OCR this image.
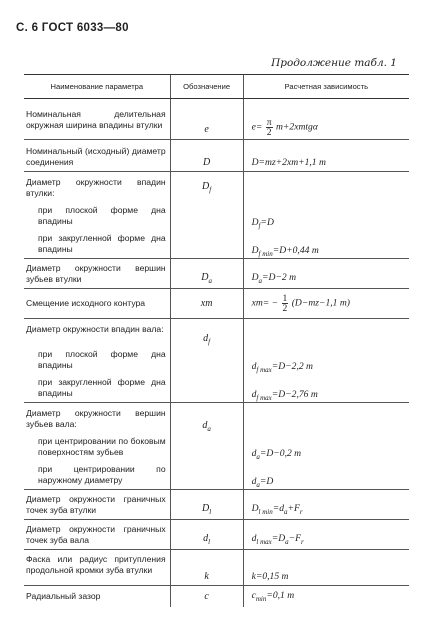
С. 6 ГОСТ 6033—80
Продолжение табл. 1
Наименование параметра	Обозначение	Расчетная зависимость
Номинальная делительная окружная ширина впадины втулки	e	$e= \frac{\pi}{2}$ m+2xmtgα
Номинальный (исходный) диаметр соединения	D	D=mz+2xm+1,1 m
Диаметр окружности впадин втулки:	$D_f$	
при плоской форме дна впадины		$D_f=D$
при закругленной форме дна впадины		$D_{f min}=D+0,44$ m
Диаметр окружности вершин зубьев втулки	$D_a$	$D_a=D-2$ m
Смещение исходного контура	xm	$xm= - \frac{1}{2} (D-mz-1,1$ m)
Диаметр окружности впадин вала:	$d_f$	
при плоской форме дна впадины		$d_{f max}=D-2,2$ m
при закругленной форме дна впадины		$d_{f max}=D-2,76$ m
Диаметр окружности вершин зубьев вала:	$d_a$	
при центрировании по боковым поверхностям зубьев		$d_a=D-0,2$ m
при центрировании по наружному диаметру		$d_a=D$
Диаметр окружности граничных точек зуба втулки	$D_l$	$D_{l min}=d_a+F_r$
Диаметр окружности граничных точек зуба вала	$d_l$	$d_{l max}=D_a-F_r$
Фаска или радиус притупления продольной кромки зуба втулки	k	k=0,15 m
Радиальный зазор	c	$c_{min}=0,1$ m
